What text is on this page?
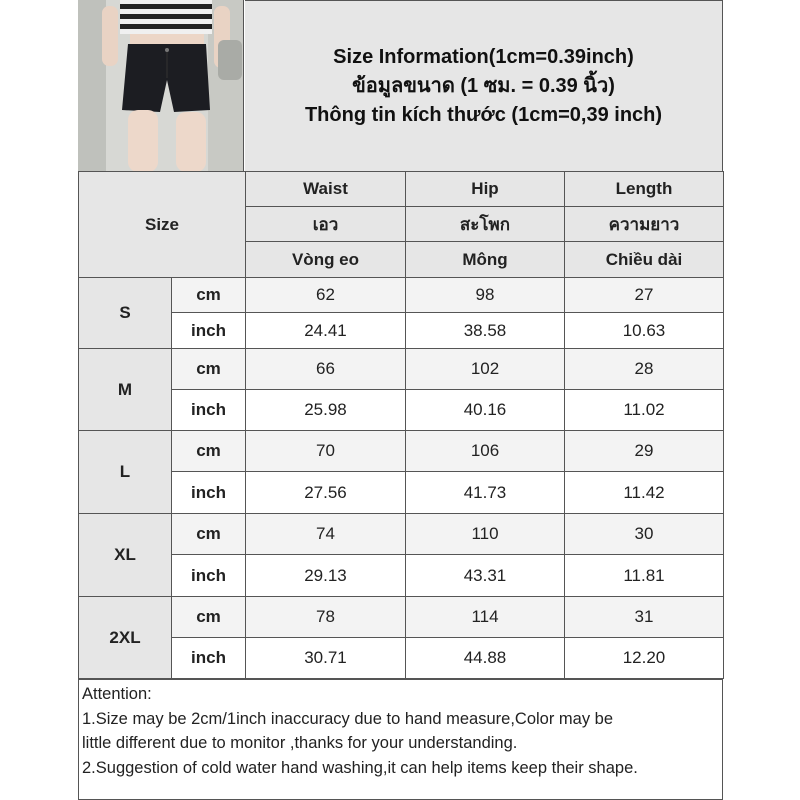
Size Information(1cm=0.39inch)
ข้อมูลขนาด (1 ซม. = 0.39 นิ้ว)
Thông tin kích thước (1cm=0,39 inch)
Size		Waist	Hip	Length
		เอว	สะโพก	ความยาว
		Vòng eo	Mông	Chiều dài
S	cm	62	98	27
	inch	24.41	38.58	10.63
M	cm	66	102	28
	inch	25.98	40.16	11.02
L	cm	70	106	29
	inch	27.56	41.73	11.42
XL	cm	74	110	30
	inch	29.13	43.31	11.81
2XL	cm	78	114	31
	inch	30.71	44.88	12.20
Attention:
1.Size may be 2cm/1inch inaccuracy due to hand measure,Color may be
little different due to monitor ,thanks for your understanding.
2.Suggestion of cold water hand washing,it can help items keep their shape.
